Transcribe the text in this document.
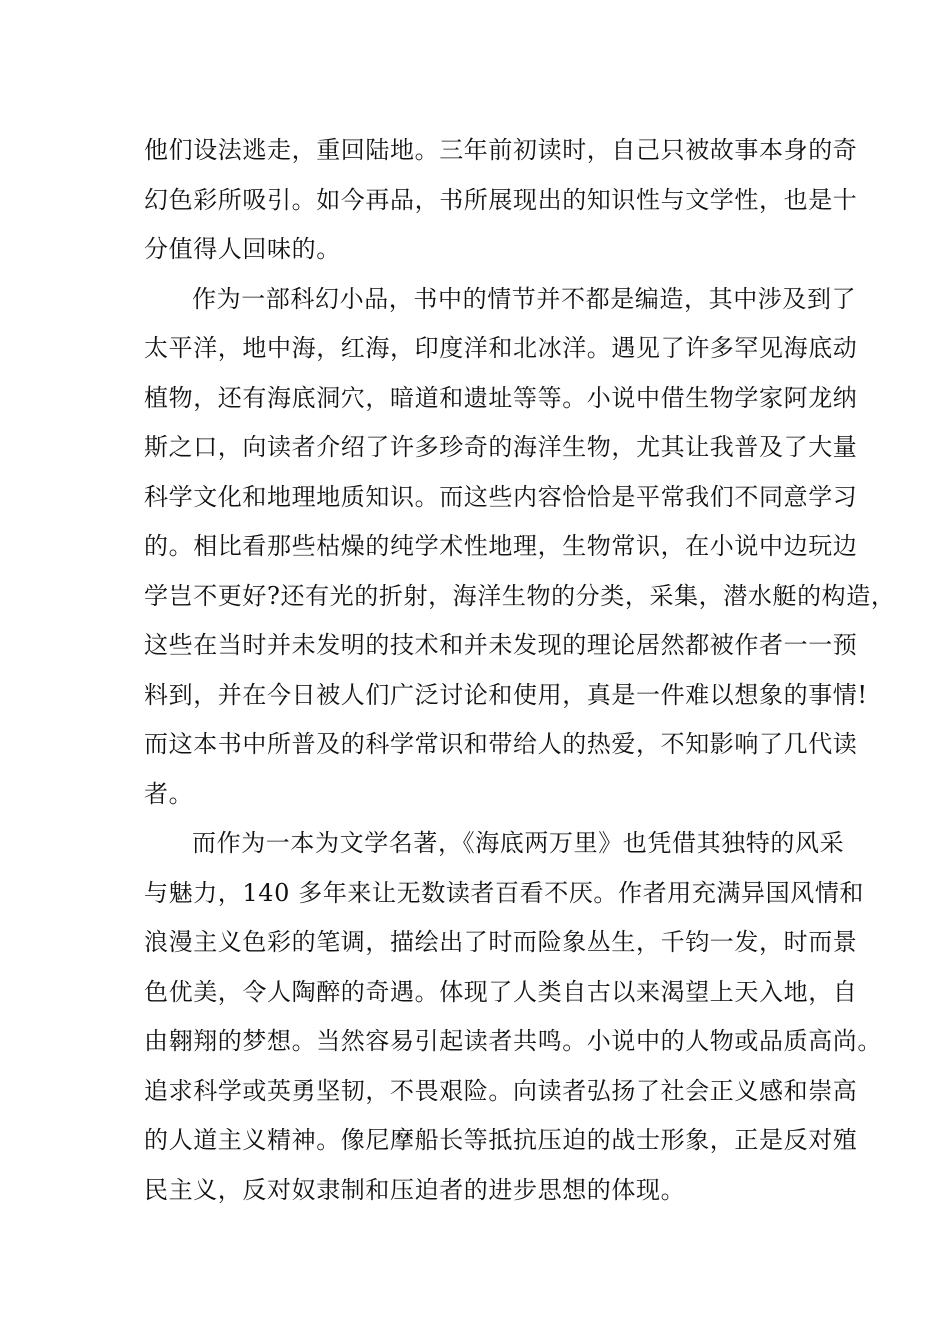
他们设法逃走，重回陆地。三年前初读时，自己只被故事本身的奇
幻色彩所吸引。如今再品，书所展现出的知识性与文学性，也是十
分值得人回味的。
作为一部科幻小品，书中的情节并不都是编造，其中涉及到了
太平洋，地中海，红海，印度洋和北冰洋。遇见了许多罕见海底动
植物，还有海底洞穴，暗道和遗址等等。小说中借生物学家阿龙纳
斯之口，向读者介绍了许多珍奇的海洋生物，尤其让我普及了大量
科学文化和地理地质知识。而这些内容恰恰是平常我们不同意学习
的。相比看那些枯燥的纯学术性地理，生物常识，在小说中边玩边
学岂不更好?还有光的折射，海洋生物的分类，采集，潜水艇的构造，
这些在当时并未发明的技术和并未发现的理论居然都被作者一一预
料到，并在今日被人们广泛讨论和使用，真是一件难以想象的事情!
而这本书中所普及的科学常识和带给人的热爱，不知影响了几代读
者。
而作为一本为文学名著，《海底两万里》也凭借其独特的风采
与魅力，140 多年来让无数读者百看不厌。作者用充满异国风情和
浪漫主义色彩的笔调，描绘出了时而险象丛生，千钧一发，时而景
色优美，令人陶醉的奇遇。体现了人类自古以来渴望上天入地，自
由翱翔的梦想。当然容易引起读者共鸣。小说中的人物或品质高尚。
追求科学或英勇坚韧，不畏艰险。向读者弘扬了社会正义感和崇高
的人道主义精神。像尼摩船长等抵抗压迫的战士形象，正是反对殖
民主义，反对奴隶制和压迫者的进步思想的体现。
